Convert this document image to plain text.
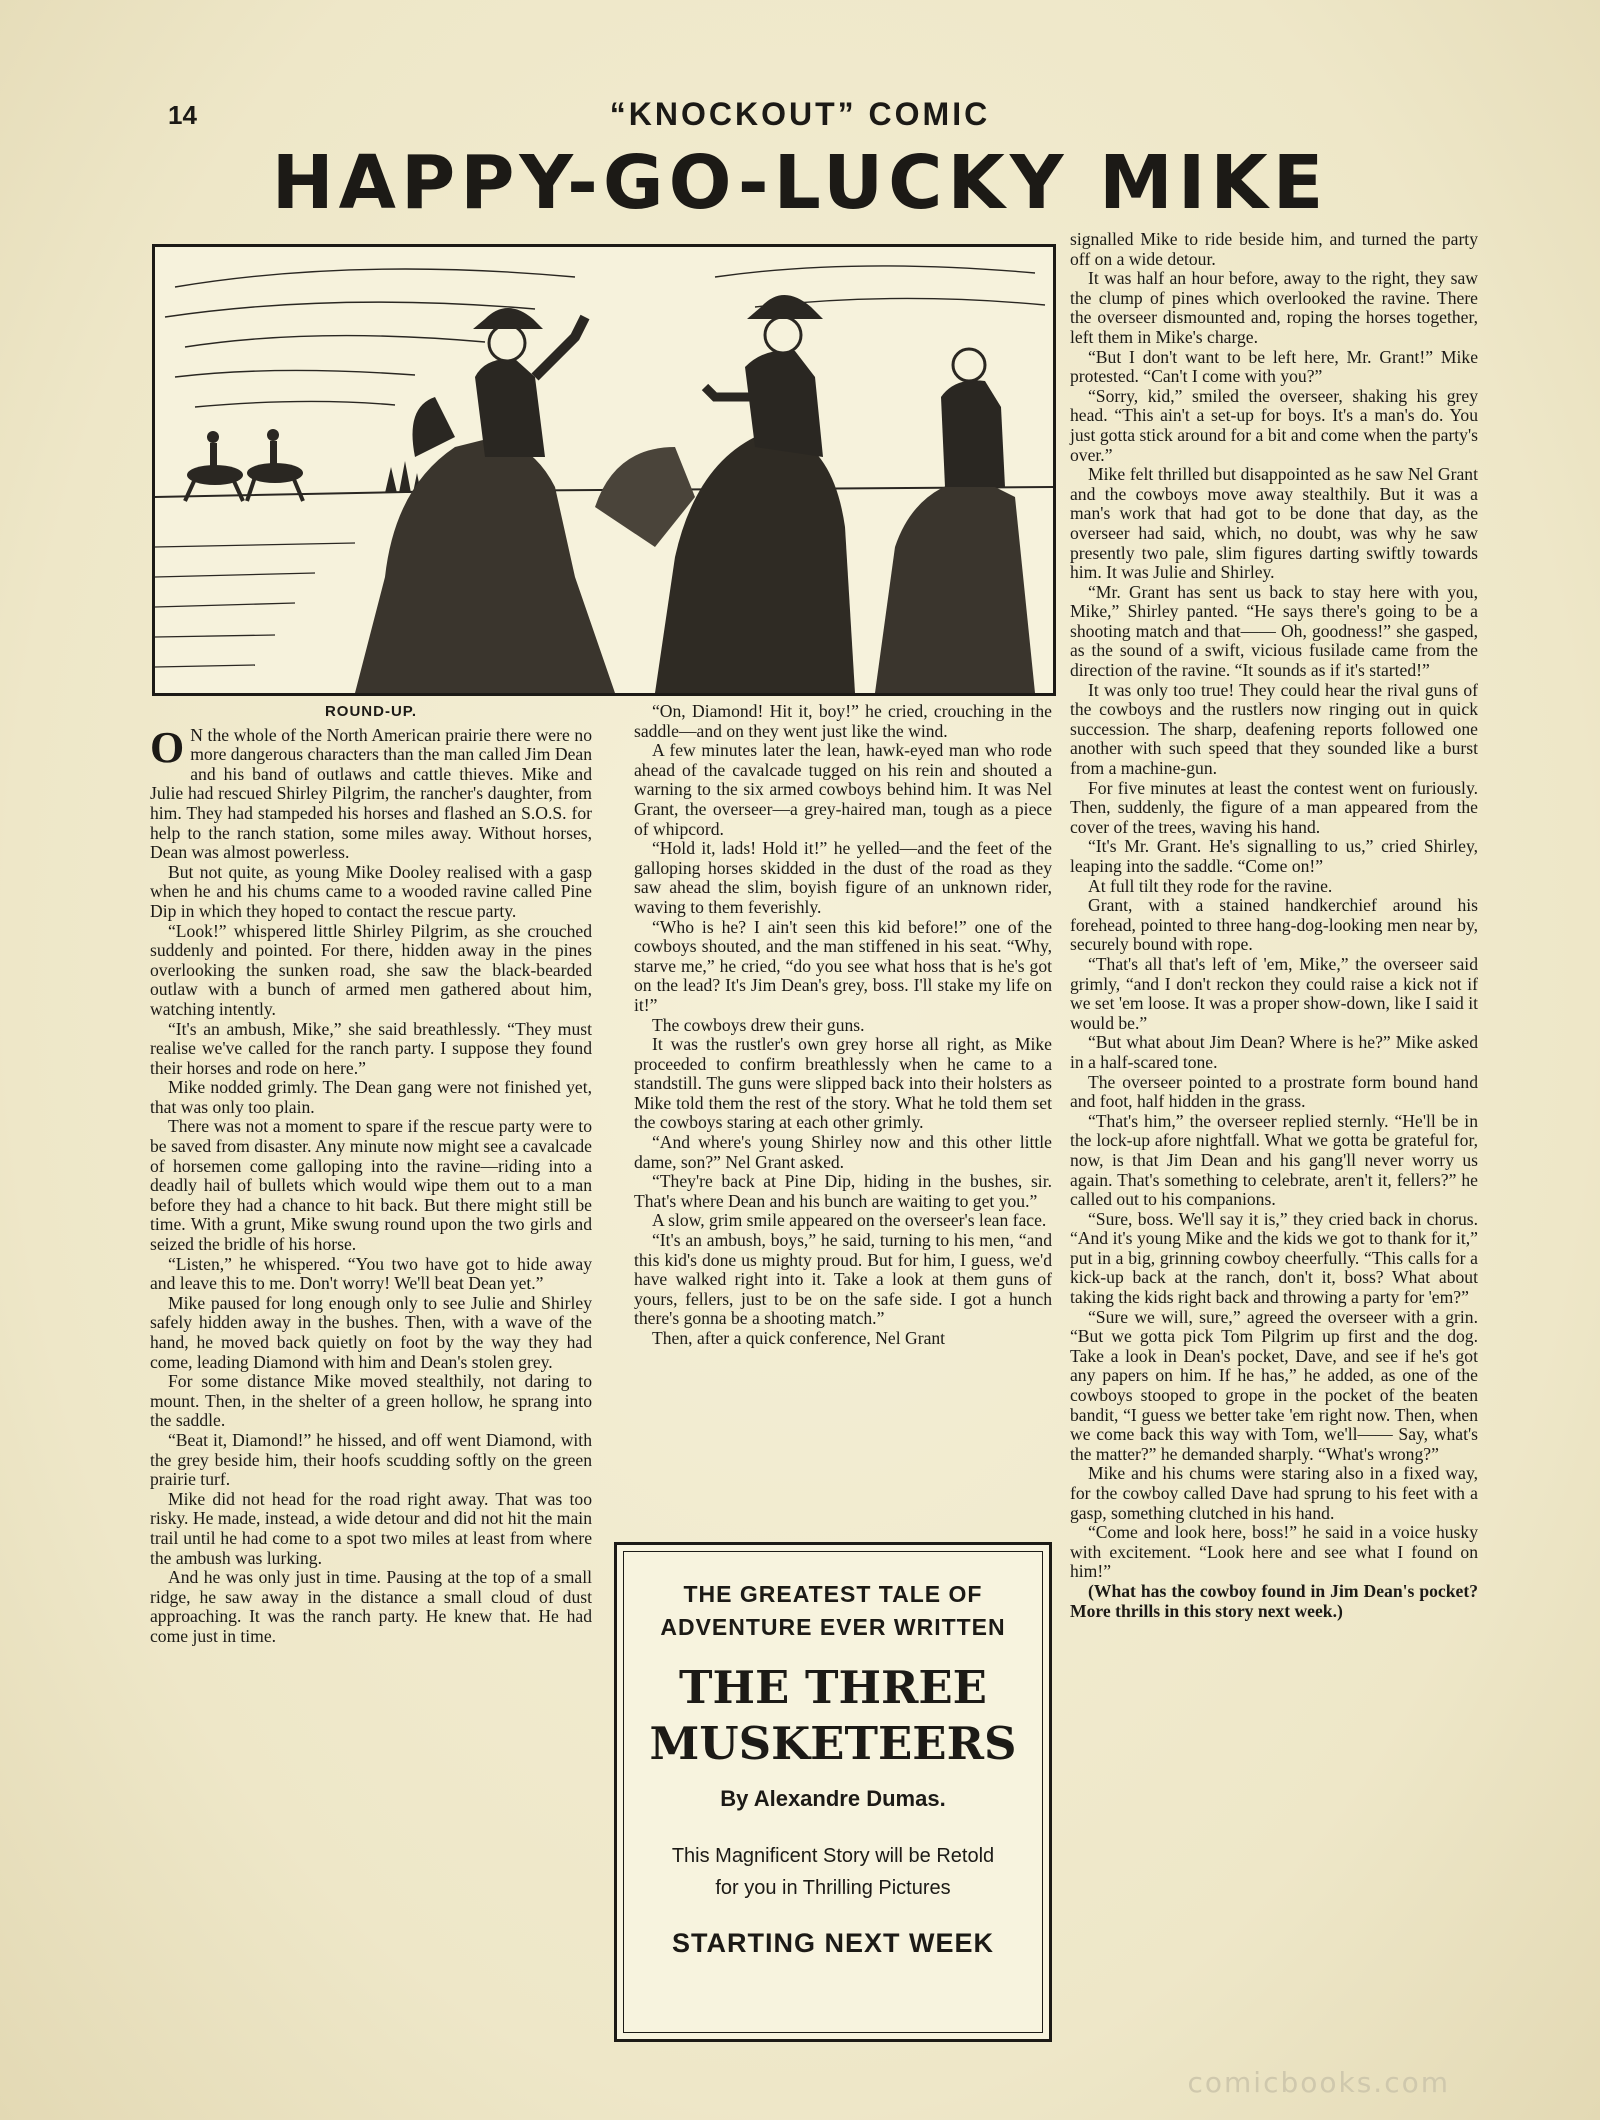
14	“KNOCKOUT” COMIC
HAPPY-GO-LUCKY MIKE
ROUND-UP.

O N the whole of the North American prairie there were no more dangerous characters than the man called Jim Dean and his band of outlaws and cattle thieves. Mike and Julie had rescued Shirley Pilgrim, the rancher's daughter, from him. They had stampeded his horses and flashed an S.O.S. for help to the ranch station, some miles away. Without horses, Dean was almost powerless.

But not quite, as young Mike Dooley realised with a gasp when he and his chums came to a wooded ravine called Pine Dip in which they hoped to contact the rescue party.

“Look!” whispered little Shirley Pilgrim, as she crouched suddenly and pointed. For there, hidden away in the pines overlooking the sunken road, she saw the black-bearded outlaw with a bunch of armed men gathered about him, watching intently.

“It's an ambush, Mike,” she said breathlessly. “They must realise we've called for the ranch party. I suppose they found their horses and rode on here.”

Mike nodded grimly. The Dean gang were not finished yet, that was only too plain.

There was not a moment to spare if the rescue party were to be saved from disaster. Any minute now might see a cavalcade of horsemen come galloping into the ravine—riding into a deadly hail of bullets which would wipe them out to a man before they had a chance to hit back. But there might still be time. With a grunt, Mike swung round upon the two girls and seized the bridle of his horse.

“Listen,” he whispered. “You two have got to hide away and leave this to me. Don't worry! We'll beat Dean yet.”

Mike paused for long enough only to see Julie and Shirley safely hidden away in the bushes. Then, with a wave of the hand, he moved back quietly on foot by the way they had come, leading Diamond with him and Dean's stolen grey.

For some distance Mike moved stealthily, not daring to mount. Then, in the shelter of a green hollow, he sprang into the saddle.

“Beat it, Diamond!” he hissed, and off went Diamond, with the grey beside him, their hoofs scudding softly on the green prairie turf.

Mike did not head for the road right away. That was too risky. He made, instead, a wide detour and did not hit the main trail until he had come to a spot two miles at least from where the ambush was lurking.

And he was only just in time. Pausing at the top of a small ridge, he saw away in the distance a small cloud of dust approaching. It was the ranch party. He knew that. He had come just in time.

“On, Diamond! Hit it, boy!” he cried, crouching in the saddle—and on they went just like the wind.

A few minutes later the lean, hawk-eyed man who rode ahead of the cavalcade tugged on his rein and shouted a warning to the six armed cowboys behind him. It was Nel Grant, the overseer—a grey-haired man, tough as a piece of whipcord.

“Hold it, lads! Hold it!” he yelled—and the feet of the galloping horses skidded in the dust of the road as they saw ahead the slim, boyish figure of an unknown rider, waving to them feverishly.

“Who is he? I ain't seen this kid before!” one of the cowboys shouted, and the man stiffened in his seat. “Why, starve me,” he cried, “do you see what hoss that is he's got on the lead? It's Jim Dean's grey, boss. I'll stake my life on it!”

The cowboys drew their guns.

It was the rustler's own grey horse all right, as Mike proceeded to confirm breathlessly when he came to a standstill. The guns were slipped back into their holsters as Mike told them the rest of the story. What he told them set the cowboys staring at each other grimly.

“And where's young Shirley now and this other little dame, son?” Nel Grant asked.

“They're back at Pine Dip, hiding in the bushes, sir. That's where Dean and his bunch are waiting to get you.”

A slow, grim smile appeared on the overseer's lean face.

“It's an ambush, boys,” he said, turning to his men, “and this kid's done us mighty proud. But for him, I guess, we'd have walked right into it. Take a look at them guns of yours, fellers, just to be on the safe side. I got a hunch there's gonna be a shooting match.”

Then, after a quick conference, Nel Grant

signalled Mike to ride beside him, and turned the party off on a wide detour.

It was half an hour before, away to the right, they saw the clump of pines which overlooked the ravine. There the overseer dismounted and, roping the horses together, left them in Mike's charge.

“But I don't want to be left here, Mr. Grant!” Mike protested. “Can't I come with you?”

“Sorry, kid,” smiled the overseer, shaking his grey head. “This ain't a set-up for boys. It's a man's do. You just gotta stick around for a bit and come when the party's over.”

Mike felt thrilled but disappointed as he saw Nel Grant and the cowboys move away stealthily. But it was a man's work that had got to be done that day, as the overseer had said, which, no doubt, was why he saw presently two pale, slim figures darting swiftly towards him. It was Julie and Shirley.

“Mr. Grant has sent us back to stay here with you, Mike,” Shirley panted. “He says there's going to be a shooting match and that—— Oh, goodness!” she gasped, as the sound of a swift, vicious fusilade came from the direction of the ravine. “It sounds as if it's started!”

It was only too true! They could hear the rival guns of the cowboys and the rustlers now ringing out in quick succession. The sharp, deafening reports followed one another with such speed that they sounded like a burst from a machine-gun.

For five minutes at least the contest went on furiously. Then, suddenly, the figure of a man appeared from the cover of the trees, waving his hand.

“It's Mr. Grant. He's signalling to us,” cried Shirley, leaping into the saddle. “Come on!”

At full tilt they rode for the ravine.

Grant, with a stained handkerchief around his forehead, pointed to three hang-dog-looking men near by, securely bound with rope.

“That's all that's left of 'em, Mike,” the overseer said grimly, “and I don't reckon they could raise a kick not if we set 'em loose. It was a proper show-down, like I said it would be.”

“But what about Jim Dean? Where is he?” Mike asked in a half-scared tone.

The overseer pointed to a prostrate form bound hand and foot, half hidden in the grass.

“That's him,” the overseer replied sternly. “He'll be in the lock-up afore nightfall. What we gotta be grateful for, now, is that Jim Dean and his gang'll never worry us again. That's something to celebrate, aren't it, fellers?” he called out to his companions.

“Sure, boss. We'll say it is,” they cried back in chorus. “And it's young Mike and the kids we got to thank for it,” put in a big, grinning cowboy cheerfully. “This calls for a kick-up back at the ranch, don't it, boss? What about taking the kids right back and throwing a party for 'em?”

“Sure we will, sure,” agreed the overseer with a grin. “But we gotta pick Tom Pilgrim up first and the dog. Take a look in Dean's pocket, Dave, and see if he's got any papers on him. If he has,” he added, as one of the cowboys stooped to grope in the pocket of the beaten bandit, “I guess we better take 'em right now. Then, when we come back this way with Tom, we'll—— Say, what's the matter?” he demanded sharply. “What's wrong?”

Mike and his chums were staring also in a fixed way, for the cowboy called Dave had sprung to his feet with a gasp, something clutched in his hand.

“Come and look here, boss!” he said in a voice husky with excitement. “Look here and see what I found on him!”

(What has the cowboy found in Jim Dean's pocket? More thrills in this story next week.)

THE GREATEST TALE OF
ADVENTURE EVER WRITTEN
THE THREE
MUSKETEERS
By Alexandre Dumas.
This Magnificent Story will be Retold
for you in Thrilling Pictures
STARTING NEXT WEEK
comicbooks.com
